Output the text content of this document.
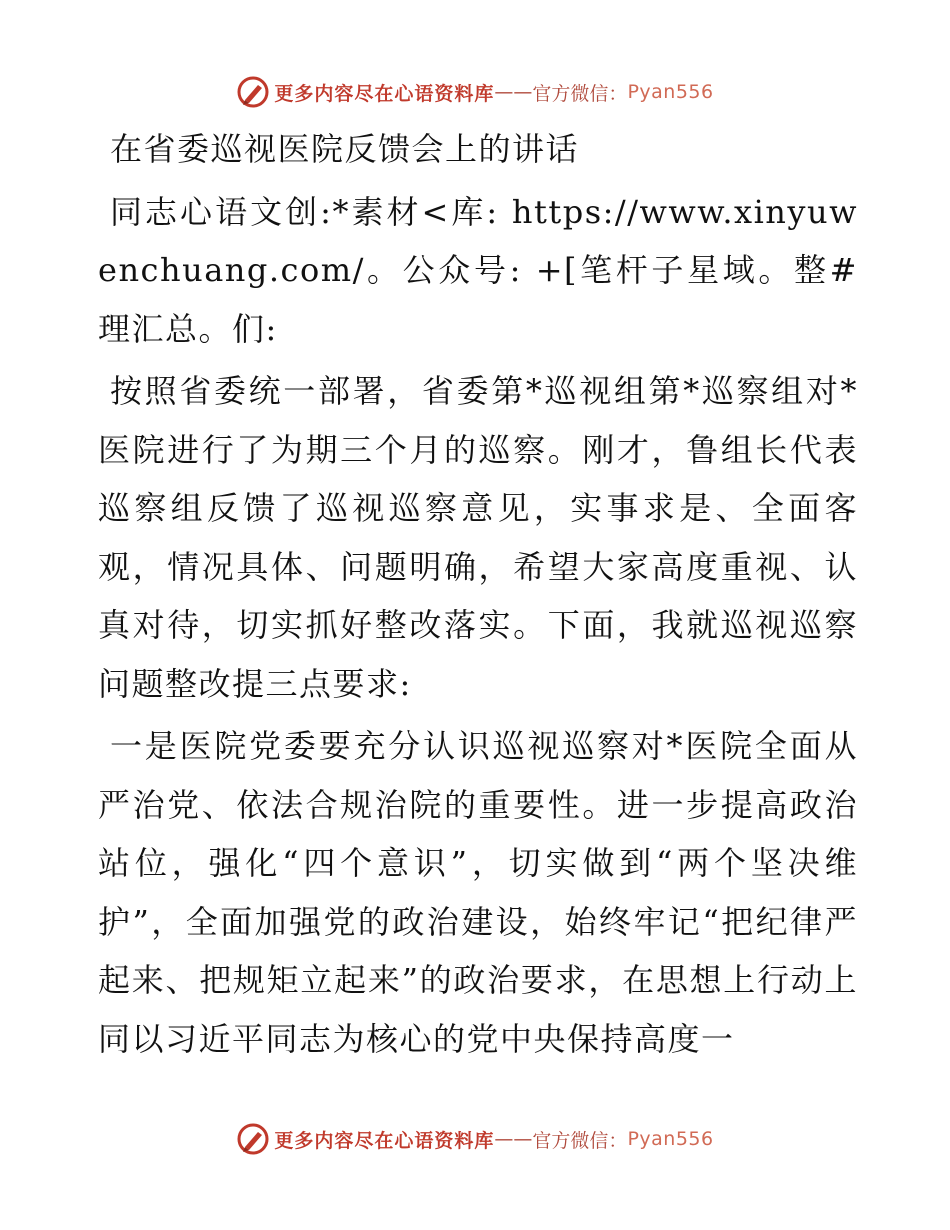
更多内容尽在心语资料库 —— 官方微信： Pyan556

在省委巡视医院反馈会上的讲话

同志心语文创:*素材<库: https://www.xinyuwenchuang.com/。公众号: +[笔杆子星域。整#理汇总。们:

按照省委统一部署，省委第*巡视组第*巡察组对*医院进行了为期三个月的巡察。刚才，鲁组长代表巡察组反馈了巡视巡察意见，实事求是、全面客观，情况具体、问题明确，希望大家高度重视、认真对待，切实抓好整改落实。下面，我就巡视巡察问题整改提三点要求:

一是医院党委要充分认识巡视巡察对*医院全面从严治党、依法合规治院的重要性。进一步提高政治站位，强化“四个意识”，切实做到“两个坚决维护”，全面加强党的政治建设，始终牢记“把纪律严起来、把规矩立起来”的政治要求，在思想上行动上同以习近平同志为核心的党中央保持高度一

更多内容尽在心语资料库 —— 官方微信： Pyan556
